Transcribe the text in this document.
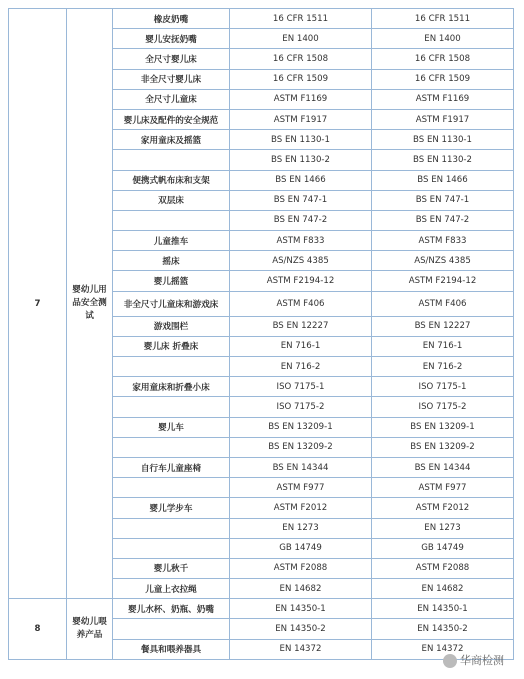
7	婴幼儿用品安全测试	橡皮奶嘴	16 CFR 1511	16 CFR 1511
		婴儿安抚奶嘴	EN 1400	EN 1400
		全尺寸婴儿床	16 CFR 1508	16 CFR 1508
		非全尺寸婴儿床	16 CFR 1509	16 CFR 1509
		全尺寸儿童床	ASTM F1169	ASTM F1169
		婴儿床及配件的安全规范	ASTM F1917	ASTM F1917
		家用童床及摇篮	BS EN 1130-1	BS EN 1130-1
			BS EN 1130-2	BS EN 1130-2
		便携式帆布床和支架	BS EN 1466	BS EN 1466
		双层床	BS EN 747-1	BS EN 747-1
			BS EN 747-2	BS EN 747-2
		儿童推车	ASTM F833	ASTM F833
		摇床	AS/NZS 4385	AS/NZS 4385
		婴儿摇篮	ASTM F2194-12	ASTM F2194-12
		非全尺寸儿童床和游戏床	ASTM F406	ASTM F406
		游戏围栏	BS EN 12227	BS EN 12227
		婴儿床 折叠床	EN 716-1	EN 716-1
			EN 716-2	EN 716-2
		家用童床和折叠小床	ISO 7175-1	ISO 7175-1
			ISO 7175-2	ISO 7175-2
		婴儿车	BS EN 13209-1	BS EN 13209-1
			BS EN 13209-2	BS EN 13209-2
		自行车儿童座椅	BS EN 14344	BS EN 14344
			ASTM F977	ASTM F977
		婴儿学步车	ASTM F2012	ASTM F2012
			EN 1273	EN 1273
			GB 14749	GB 14749
		婴儿秋千	ASTM F2088	ASTM F2088
		儿童上衣拉绳	EN 14682	EN 14682
8	婴幼儿喂养产品	婴儿水杯、奶瓶、奶嘴	EN 14350-1	EN 14350-1
			EN 14350-2	EN 14350-2
		餐具和喂养器具	EN 14372	EN 14372
华商检测
